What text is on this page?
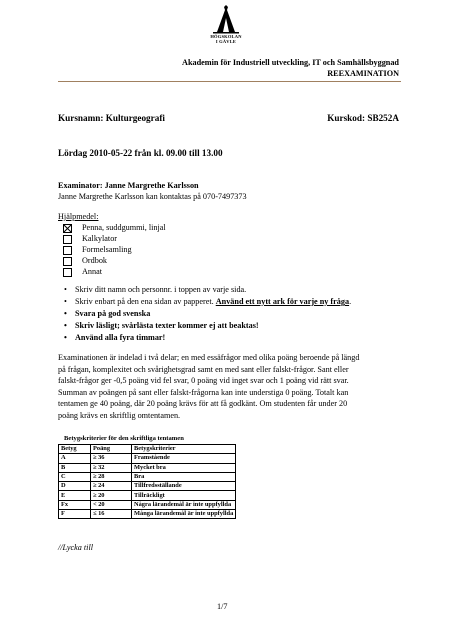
HÖGSKOLAN
I GÄVLE
Akademin för Industriell utveckling, IT och Samhällsbyggnad
REEXAMINATION
Kursnamn: Kulturgeografi	Kurskod: SB252A
Lördag 2010-05-22 från kl. 09.00 till 13.00
Examinator: Janne Margrethe Karlsson
Janne Margrethe Karlsson kan kontaktas på 070-7497373
Hjälpmedel:
Penna, suddgummi, linjal
Kalkylator
Formelsamling
Ordbok
Annat
• Skriv ditt namn och personnr. i toppen av varje sida.
• Skriv enbart på den ena sidan av papperet. Använd ett nytt ark för varje ny fråga.
• Svara på god svenska
• Skriv läsligt; svårlästa texter kommer ej att beaktas!
• Använd alla fyra timmar!
Examinationen är indelad i två delar; en med essäfrågor med olika poäng beroende på längd
på frågan, komplexitet och svårighetsgrad samt en med sant eller falskt-frågor. Sant eller
falskt-frågor ger -0,5 poäng vid fel svar, 0 poäng vid inget svar och 1 poäng vid rätt svar.
Summan av poängen på sant eller falskt-frågorna kan inte understiga 0 poäng. Totalt kan
tentamen ge 40 poäng, där 20 poäng krävs för att få godkänt. Om studenten får under 20
poäng krävs en skriftlig omtentamen.
Betygskriterier för den skriftliga tentamen
Betyg	Poäng	Betygskriterier
A	≥ 36	Framstående
B	≥ 32	Mycket bra
C	≥ 28	Bra
D	≥ 24	Tillfredsställande
E	≥ 20	Tillräckligt
Fx	< 20	Några lärandemål är inte uppfyllda
F	≤ 16	Många lärandemål är inte uppfyllda
//Lycka till
1/7
